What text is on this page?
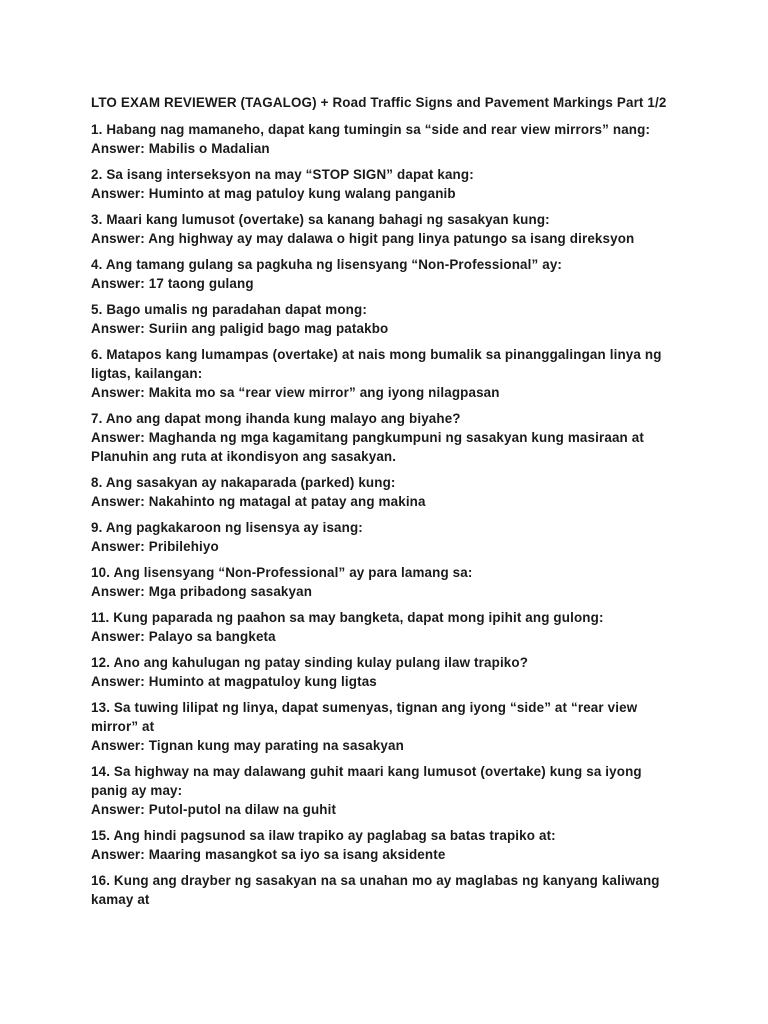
LTO EXAM REVIEWER (TAGALOG) + Road Traffic Signs and Pavement Markings Part 1/2
1. Habang nag mamaneho, dapat kang tumingin sa “side and rear view mirrors” nang:
Answer: Mabilis o Madalian
2. Sa isang interseksyon na may “STOP SIGN” dapat kang:
Answer: Huminto at mag patuloy kung walang panganib
3. Maari kang lumusot (overtake) sa kanang bahagi ng sasakyan kung:
Answer: Ang highway ay may dalawa o higit pang linya patungo sa isang direksyon
4. Ang tamang gulang sa pagkuha ng lisensyang “Non-Professional” ay:
Answer: 17 taong gulang
5. Bago umalis ng paradahan dapat mong:
Answer: Suriin ang paligid bago mag patakbo
6. Matapos kang lumampas (overtake) at nais mong bumalik sa pinanggalingan linya ng ligtas, kailangan:
Answer: Makita mo sa “rear view mirror” ang iyong nilagpasan
7. Ano ang dapat mong ihanda kung malayo ang biyahe?
Answer: Maghanda ng mga kagamitang pangkumpuni ng sasakyan kung masiraan at
Planuhin ang ruta at ikondisyon ang sasakyan.
8. Ang sasakyan ay nakaparada (parked) kung:
Answer: Nakahinto ng matagal at patay ang makina
9. Ang pagkakaroon ng lisensya ay isang:
Answer: Pribilehiyo
10. Ang lisensyang “Non-Professional” ay para lamang sa:
Answer: Mga pribadong sasakyan
11. Kung paparada ng paahon sa may bangketa, dapat mong ipihit ang gulong:
Answer: Palayo sa bangketa
12. Ano ang kahulugan ng patay sinding kulay pulang ilaw trapiko?
Answer: Huminto at magpatuloy kung ligtas
13. Sa tuwing lilipat ng linya, dapat sumenyas, tignan ang iyong “side” at “rear view mirror” at
Answer: Tignan kung may parating na sasakyan
14. Sa highway na may dalawang guhit maari kang lumusot (overtake) kung sa iyong panig ay may:
Answer: Putol-putol na dilaw na guhit
15. Ang hindi pagsunod sa ilaw trapiko ay paglabag sa batas trapiko at:
Answer: Maaring masangkot sa iyo sa isang aksidente
16. Kung ang drayber ng sasakyan na sa unahan mo ay maglabas ng kanyang kaliwang kamay at
